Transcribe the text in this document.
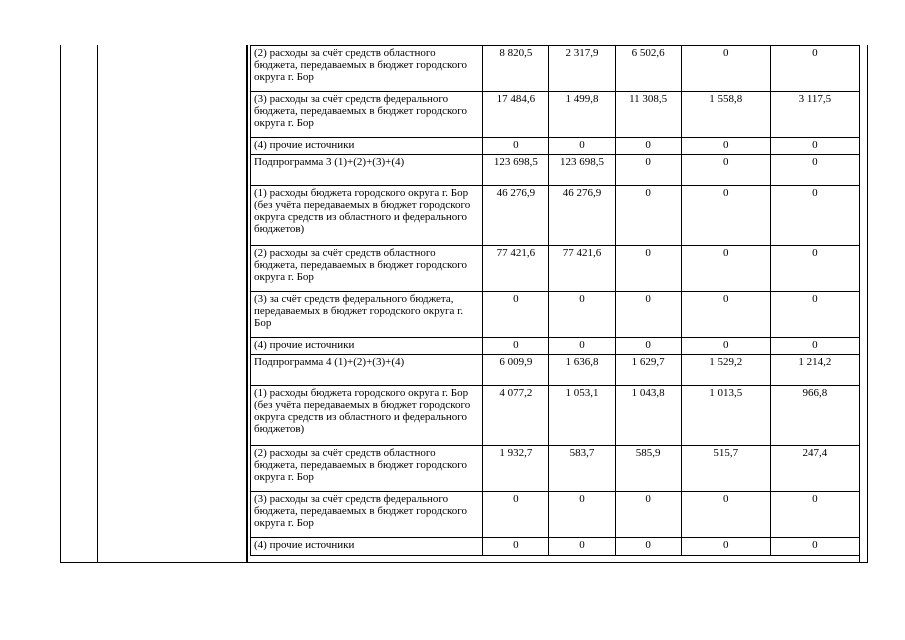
(2) расходы за счёт средств областного бюджета, передаваемых в бюджет городского округа г. Бор	8 820,5	2 317,9	6 502,6	0	0
(3) расходы за счёт средств федерального бюджета, передаваемых в бюджет городского округа г. Бор	17 484,6	1 499,8	11 308,5	1 558,8	3 117,5
(4) прочие источники	0	0	0	0	0
Подпрограмма 3 (1)+(2)+(3)+(4)	123 698,5	123 698,5	0	0	0
(1) расходы бюджета городского округа г. Бор (без учёта передаваемых в бюджет городского округа средств из областного и федерального бюджетов)	46 276,9	46 276,9	0	0	0
(2) расходы за счёт средств областного бюджета, передаваемых в бюджет городского округа г. Бор	77 421,6	77 421,6	0	0	0
(3) за счёт средств федерального бюджета, передаваемых в бюджет городского округа г. Бор	0	0	0	0	0
(4) прочие источники	0	0	0	0	0
Подпрограмма 4 (1)+(2)+(3)+(4)	6 009,9	1 636,8	1 629,7	1 529,2	1 214,2
(1) расходы бюджета городского округа г. Бор (без учёта передаваемых в бюджет городского округа средств из областного и федерального бюджетов)	4 077,2	1 053,1	1 043,8	1 013,5	966,8
(2) расходы за счёт средств областного бюджета, передаваемых в бюджет городского округа г. Бор	1 932,7	583,7	585,9	515,7	247,4
(3) расходы за счёт средств федерального бюджета, передаваемых в бюджет городского округа г. Бор	0	0	0	0	0
(4) прочие источники	0	0	0	0	0
